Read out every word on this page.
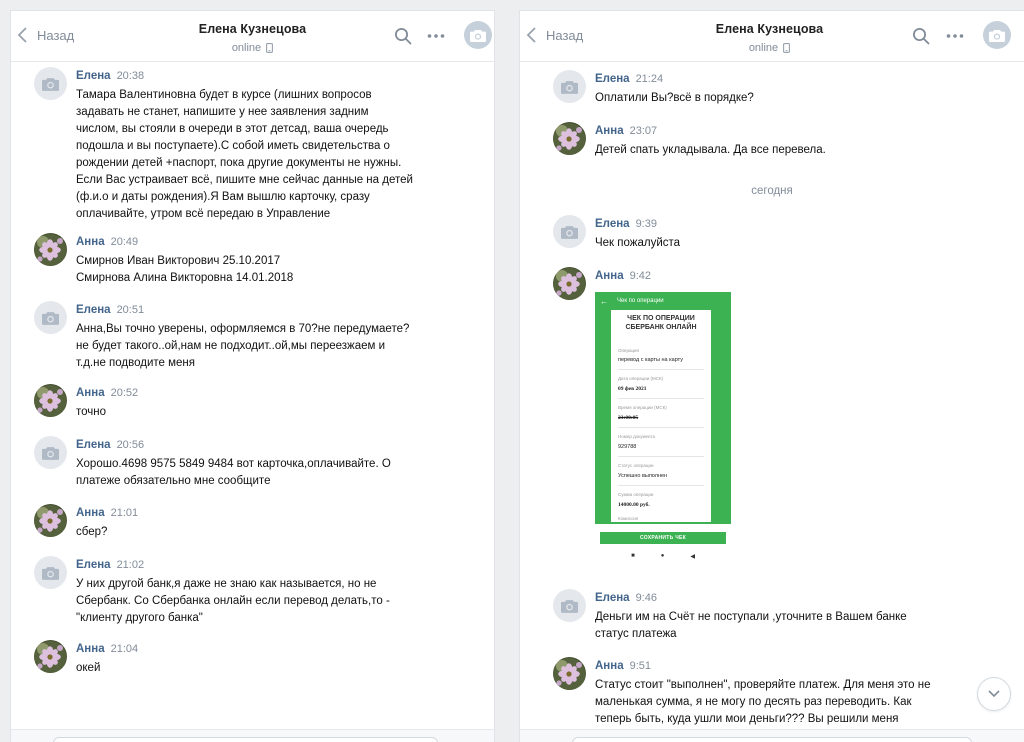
Назад	Елена Кузнецова
online
Елена 20:38
Тамара Валентиновна будет в курсе (лишних вопросов
задавать не станет, напишите у нее заявления задним
числом, вы стояли в очереди в этот детсад, ваша очередь
подошла и вы поступаете).С собой иметь свидетельства о
рождении детей +паспорт, пока другие документы не нужны.
Если Вас устраивает всё, пишите мне сейчас данные на детей
(ф.и.о и даты рождения).Я Вам вышлю карточку, сразу
оплачивайте, утром всё передаю в Управление
Анна 20:49
Смирнов Иван Викторович 25.10.2017
Смирнова Алина Викторовна 14.01.2018
Елена 20:51
Анна,Вы точно уверены, оформляемся в 70?не передумаете?
не будет такого..ой,нам не подходит..ой,мы переезжаем и
т.д.не подводите меня
Анна 20:52
точно
Елена 20:56
Хорошо.4698 9575 5849 9484 вот карточка,оплачивайте. О
платеже обязательно мне сообщите
Анна 21:01
сбер?
Елена 21:02
У них другой банк,я даже не знаю как называется, но не
Сбербанк. Со Сбербанка онлайн если перевод делать,то -
"клиенту другого банка"
Анна 21:04
окей
Назад	Елена Кузнецова
online
Елена 21:24
Оплатили Вы?всё в порядке?
Анна 23:07
Детей спать укладывала. Да все перевела.
Елена 9:39
Чек пожалуйста
Анна 9:42
Елена 9:46
Деньги им на Счёт не поступали ,уточните в Вашем банке
статус платежа
Анна 9:51
Статус стоит "выполнен", проверяйте платеж. Для меня это не
маленькая сумма, я не могу по десять раз переводить. Как
теперь быть, куда ушли мои деньги??? Вы решили меня
сегодня
← Чек по операции
ЧЕК ПО ОПЕРАЦИИ
СБЕРБАНК ОНЛАЙН
Операция
перевод с карты на карту
Дата операции (МСК)
09 фев 2021
Время операции (МСК)
23:00:05
Номер документа
929788
Статус операции
Успешно выполнен
Сумма операции
14000.00 руб.
Комиссия
СОХРАНИТЬ ЧЕК
■	●	◀
